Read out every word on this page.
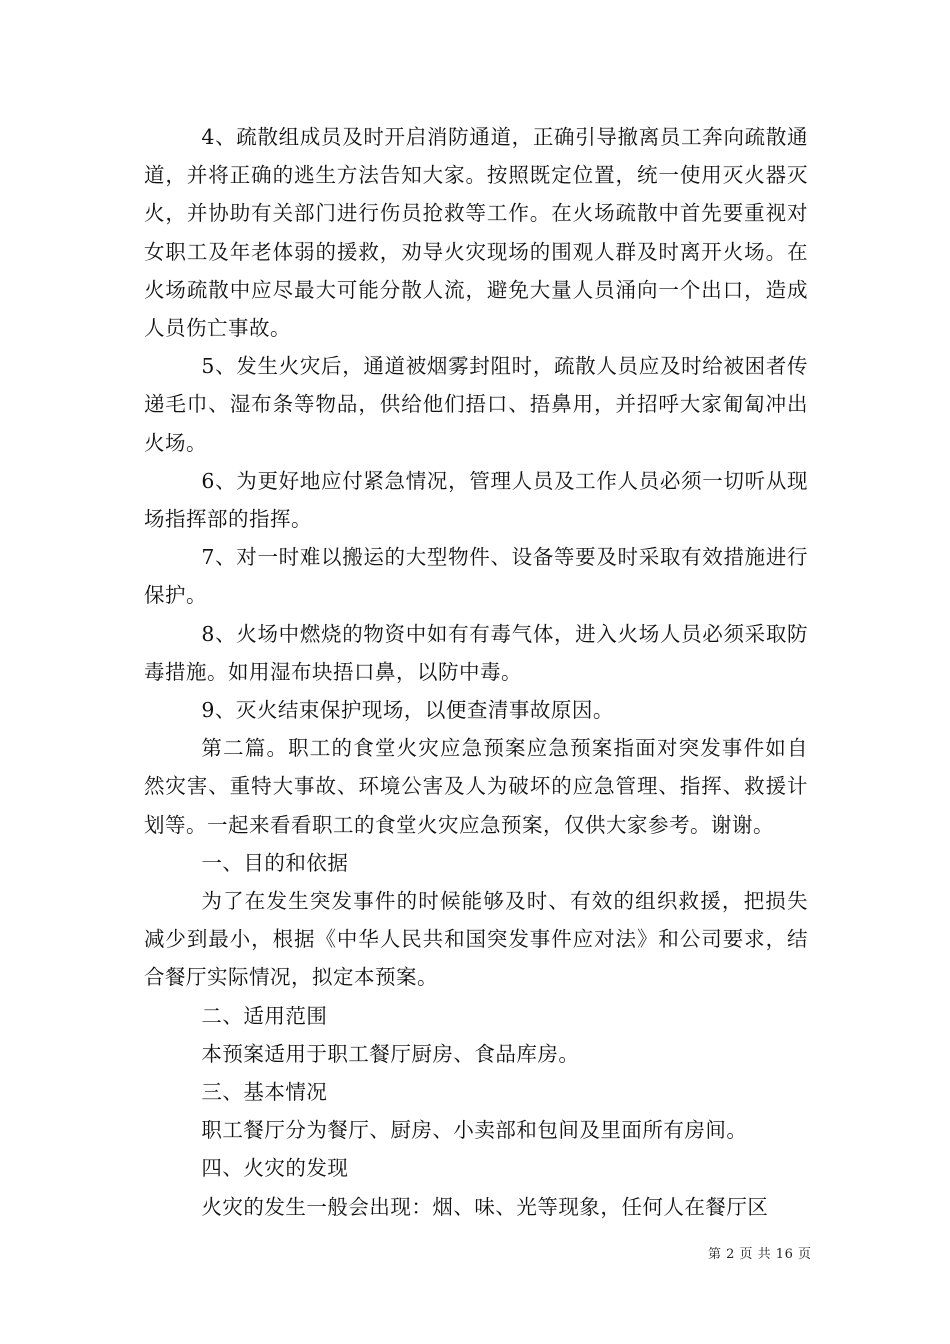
4、疏散组成员及时开启消防通道，正确引导撤离员工奔向疏散通道，并将正确的逃生方法告知大家。按照既定位置，统一使用灭火器灭火，并协助有关部门进行伤员抢救等工作。在火场疏散中首先要重视对女职工及年老体弱的援救，劝导火灾现场的围观人群及时离开火场。在火场疏散中应尽最大可能分散人流，避免大量人员涌向一个出口，造成人员伤亡事故。

5、发生火灾后，通道被烟雾封阻时，疏散人员应及时给被困者传递毛巾、湿布条等物品，供给他们捂口、捂鼻用，并招呼大家匍匐冲出火场。

6、为更好地应付紧急情况，管理人员及工作人员必须一切听从现场指挥部的指挥。

7、对一时难以搬运的大型物件、设备等要及时采取有效措施进行保护。

8、火场中燃烧的物资中如有有毒气体，进入火场人员必须采取防毒措施。如用湿布块捂口鼻，以防中毒。

9、灭火结束保护现场，以便查清事故原因。

第二篇。职工的食堂火灾应急预案应急预案指面对突发事件如自然灾害、重特大事故、环境公害及人为破坏的应急管理、指挥、救援计划等。一起来看看职工的食堂火灾应急预案，仅供大家参考。谢谢。

一、目的和依据

为了在发生突发事件的时候能够及时、有效的组织救援，把损失减少到最小，根据《中华人民共和国突发事件应对法》和公司要求，结合餐厅实际情况，拟定本预案。

二、适用范围

本预案适用于职工餐厅厨房、食品库房。

三、基本情况

职工餐厅分为餐厅、厨房、小卖部和包间及里面所有房间。

四、火灾的发现

火灾的发生一般会出现：烟、味、光等现象，任何人在餐厅区

第 2 页 共 16 页
